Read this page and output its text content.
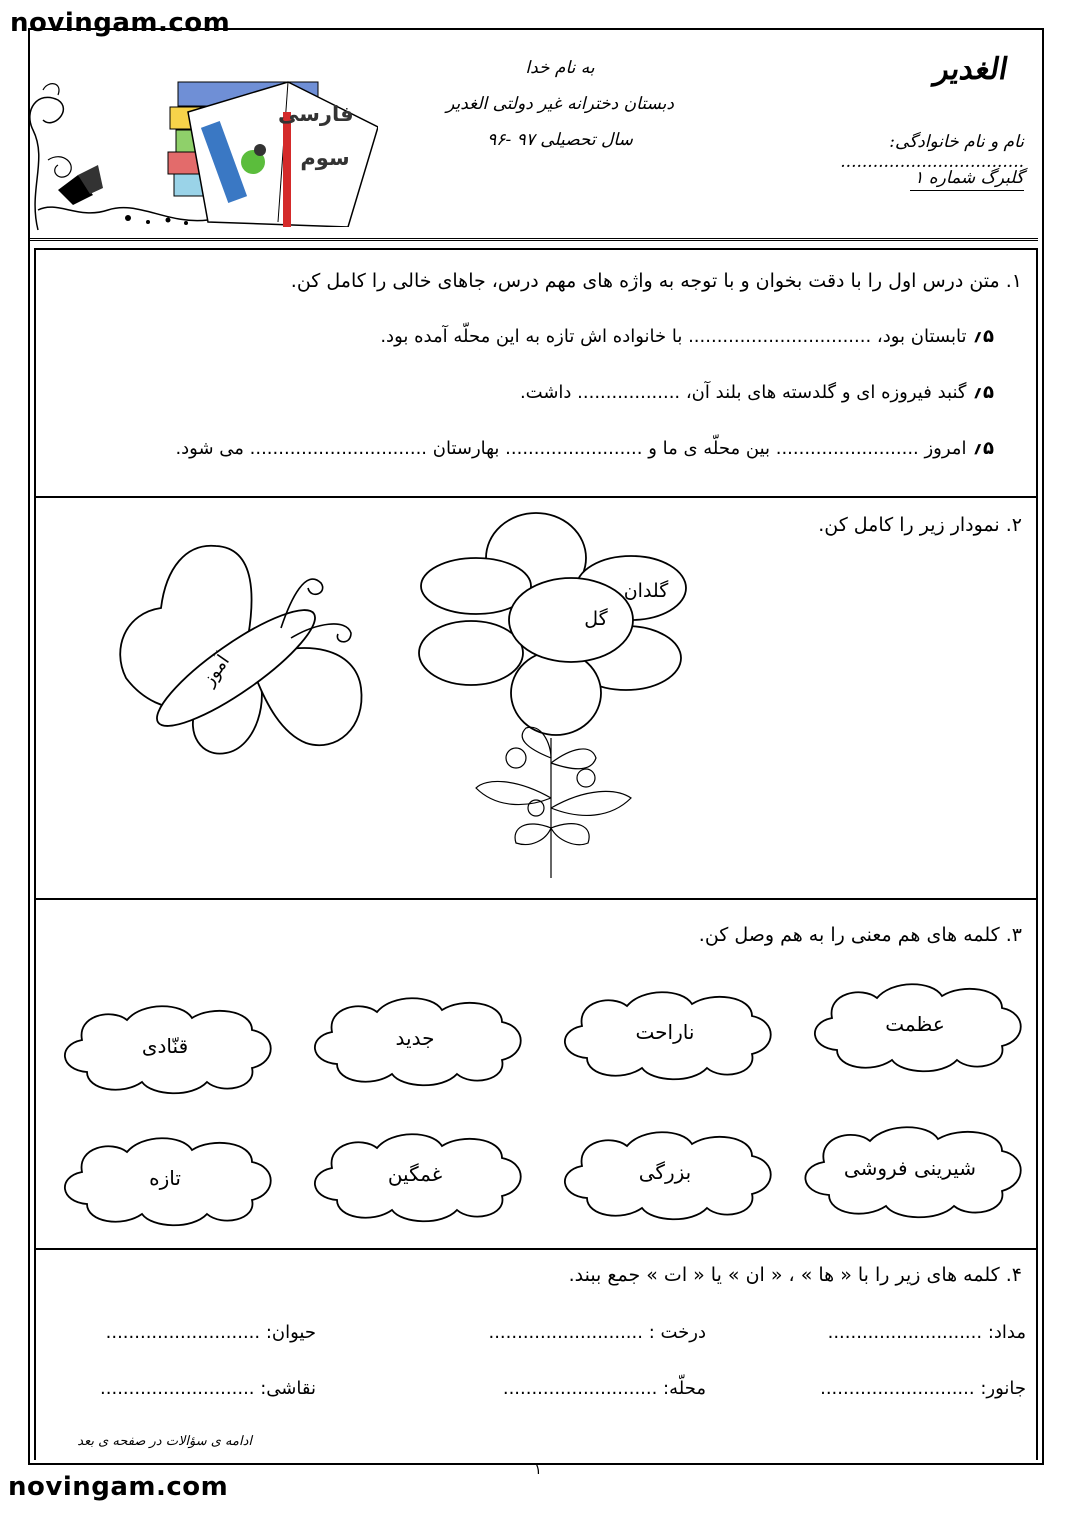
novingam.com
novingam.com
فارسی
سوم
به نام خدا
دبستان دخترانه غیر دولتی الغدیر
سال تحصیلی ۹۷ -۹۶
الغدیر
نام و نام خانوادگی: ..................................
گلبرگ شماره ۱
۱. متن درس اول را با دقت بخوان و با توجه به واژه های مهم درس، جاهای خالی را کامل کن.
۵؍تابستان بود، ................................ با خانواده اش تازه به این محلّه آمده بود.
۵؍گنبد فیروزه ای و گلدسته های بلند آن، .................. داشت.
۵؍امروز ......................... بین محلّه ی ما و ........................ بهارستان ............................... می شود.
۲. نمودار زیر را کامل کن.
گل
گلدان
آموز
۳. کلمه های هم معنی را به هم وصل کن.
عظمت
ناراحت
جدید
قنّادی
شیرینی فروشی
بزرگی
غمگین
تازه
۴. کلمه های زیر را با « ها » ، « ان » یا « ات » جمع ببند.
مداد: ...........................
درخت : ...........................
حیوان: ...........................
جانور: ...........................
محلّه: ...........................
نقاشی: ...........................
ادامه ی سؤالات در صفحه ی بعد
۱
